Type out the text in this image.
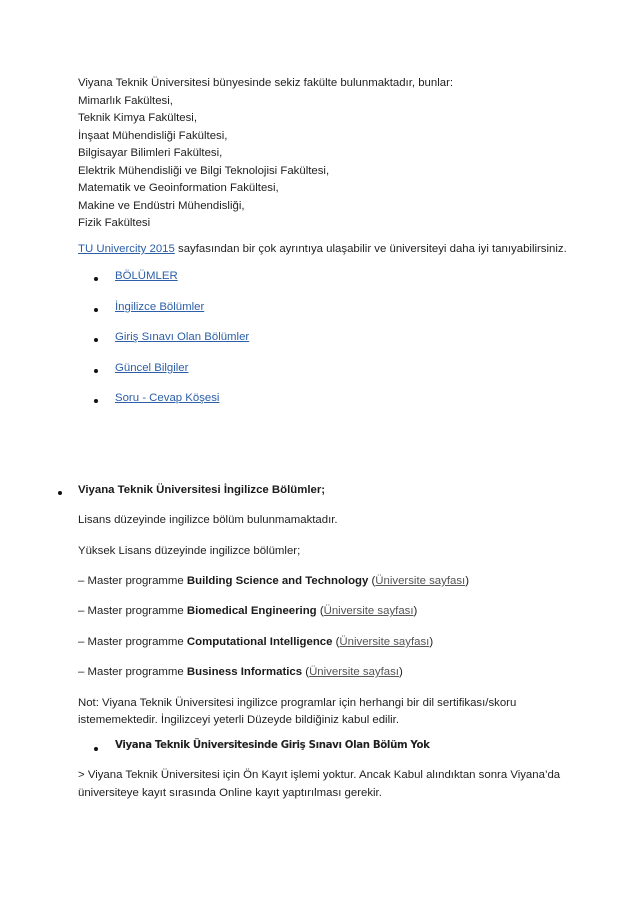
Viyana Teknik Üniversitesi bünyesinde sekiz fakülte bulunmaktadır, bunlar:
Mimarlık Fakültesi,
Teknik Kimya Fakültesi,
İnşaat Mühendisliği Fakültesi,
Bilgisayar Bilimleri Fakültesi,
Elektrik Mühendisliği ve Bilgi Teknolojisi Fakültesi,
Matematik ve Geoinformation Fakültesi,
Makine ve Endüstri Mühendisliği,
Fizik Fakültesi
TU Univercity 2015 sayfasından bir çok ayrıntıya ulaşabilir ve üniversiteyi daha iyi tanıyabilirsiniz.
BÖLÜMLER
İngilizce Bölümler
Giriş Sınavı Olan Bölümler
Güncel Bilgiler
Soru - Cevap Köşesi
Viyana Teknik Üniversitesi İngilizce Bölümler;
Lisans düzeyinde ingilizce bölüm bulunmamaktadır.
Yüksek Lisans düzeyinde ingilizce bölümler;
– Master programme Building Science and Technology (Üniversite sayfası)
– Master programme Biomedical Engineering (Üniversite sayfası)
– Master programme Computational Intelligence (Üniversite sayfası)
– Master programme Business Informatics (Üniversite sayfası)
Not: Viyana Teknik Üniversitesi ingilizce programlar için herhangi bir dil sertifikası/skoru
istememektedir. İngilizceyi yeterli Düzeyde bildiğiniz kabul edilir.
Viyana Teknik Üniversitesinde Giriş Sınavı Olan Bölüm Yok
> Viyana Teknik Üniversitesi için Ön Kayıt işlemi yoktur. Ancak Kabul alındıktan sonra Viyana’da
üniversiteye kayıt sırasında Online kayıt yaptırılması gerekir.
